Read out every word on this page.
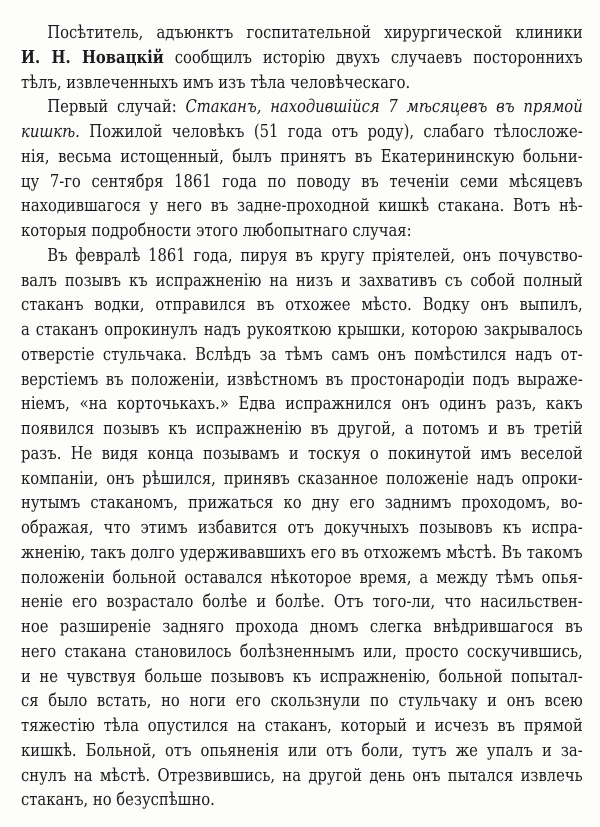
Посѣтитель, адъюнктъ госпитательной хирургической клиники
И. Н. Новацкій сообщилъ исторію двухъ случаевъ постороннихъ
тѣлъ, извлеченныхъ имъ изъ тѣла человѣческаго.
Первый случай: Стаканъ, находившійся 7 мѣсяцевъ въ прямой
кишкѣ. Пожилой человѣкъ (51 года отъ роду), слабаго тѣлосложе-
нія, весьма истощенный, былъ принятъ въ Екатерининскую больни-
цу 7-го сентября 1861 года по поводу въ теченіи семи мѣсяцевъ
находившагося у него въ задне-проходной кишкѣ стакана. Вотъ нѣ-
которыя подробности этого любопытнаго случая:
Въ февралѣ 1861 года, пируя въ кругу пріятелей, онъ почувство-
валъ позывъ къ испражненію на низъ и захвативъ съ собой полный
стаканъ водки, отправился въ отхожее мѣсто. Водку онъ выпилъ,
а стаканъ опрокинулъ надъ рукояткою крышки, которою закрывалось
отверстіе стульчака. Вслѣдъ за тѣмъ самъ онъ помѣстился надъ от-
верстіемъ въ положеніи, извѣстномъ въ простонародіи подъ выраже-
ніемъ, «на корточькахъ.» Едва испражнился онъ одинъ разъ, какъ
появился позывъ къ испражненію въ другой, а потомъ и въ третій
разъ. Не видя конца позывамъ и тоскуя о покинутой имъ веселой
компаніи, онъ рѣшился, принявъ сказанное положеніе надъ опроки-
нутымъ стаканомъ, прижаться ко дну его заднимъ проходомъ, во-
ображая, что этимъ избавится отъ докучныхъ позывовъ къ испра-
жненію, такъ долго удерживавшихъ его въ отхожемъ мѣстѣ. Въ такомъ
положеніи больной оставался нѣкоторое время, а между тѣмъ опья-
неніе его возрастало болѣе и болѣе. Отъ того-ли, что насильствен-
ное разширеніе задняго прохода дномъ слегка внѣдрившагося въ
него стакана становилось болѣзненнымъ или, просто соскучившись,
и не чувствуя больше позывовъ къ испражненію, больной попытал-
ся было встать, но ноги его скользнули по стульчаку и онъ всею
тяжестію тѣла опустился на стаканъ, который и исчезъ въ прямой
кишкѣ. Больной, отъ опьяненія или отъ боли, тутъ же упалъ и за-
снулъ на мѣстѣ. Отрезвившись, на другой день онъ пытался извлечь
стаканъ, но безуспѣшно.
